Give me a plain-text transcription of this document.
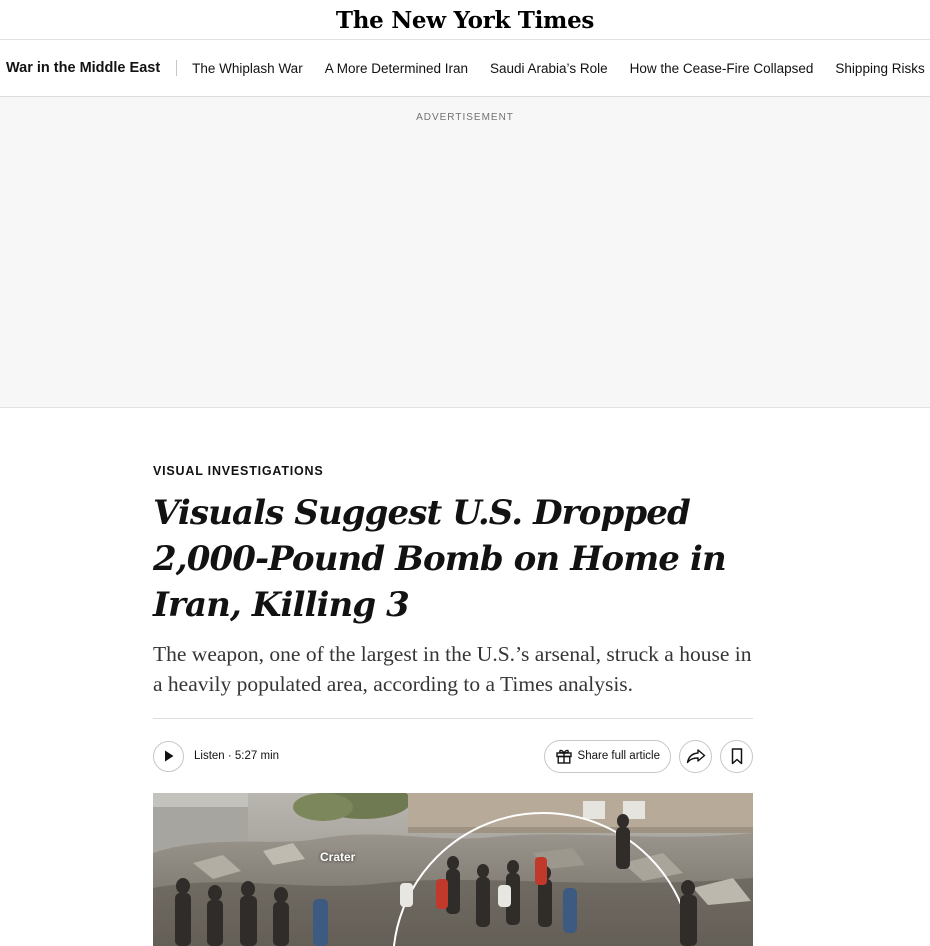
The New York Times
War in the Middle East	The Whiplash War A More Determined Iran Saudi Arabia’s Role How the Cease-Fire Collapsed Shipping Risks
ADVERTISEMENT

VISUAL INVESTIGATIONS

Visuals Suggest U.S. Dropped 2,000-Pound Bomb on Home in Iran, Killing 3

The weapon, one of the largest in the U.S.’s arsenal, struck a house in a heavily populated area, according to a Times analysis.

Listen · 5:27 min	Share full article
Crater
